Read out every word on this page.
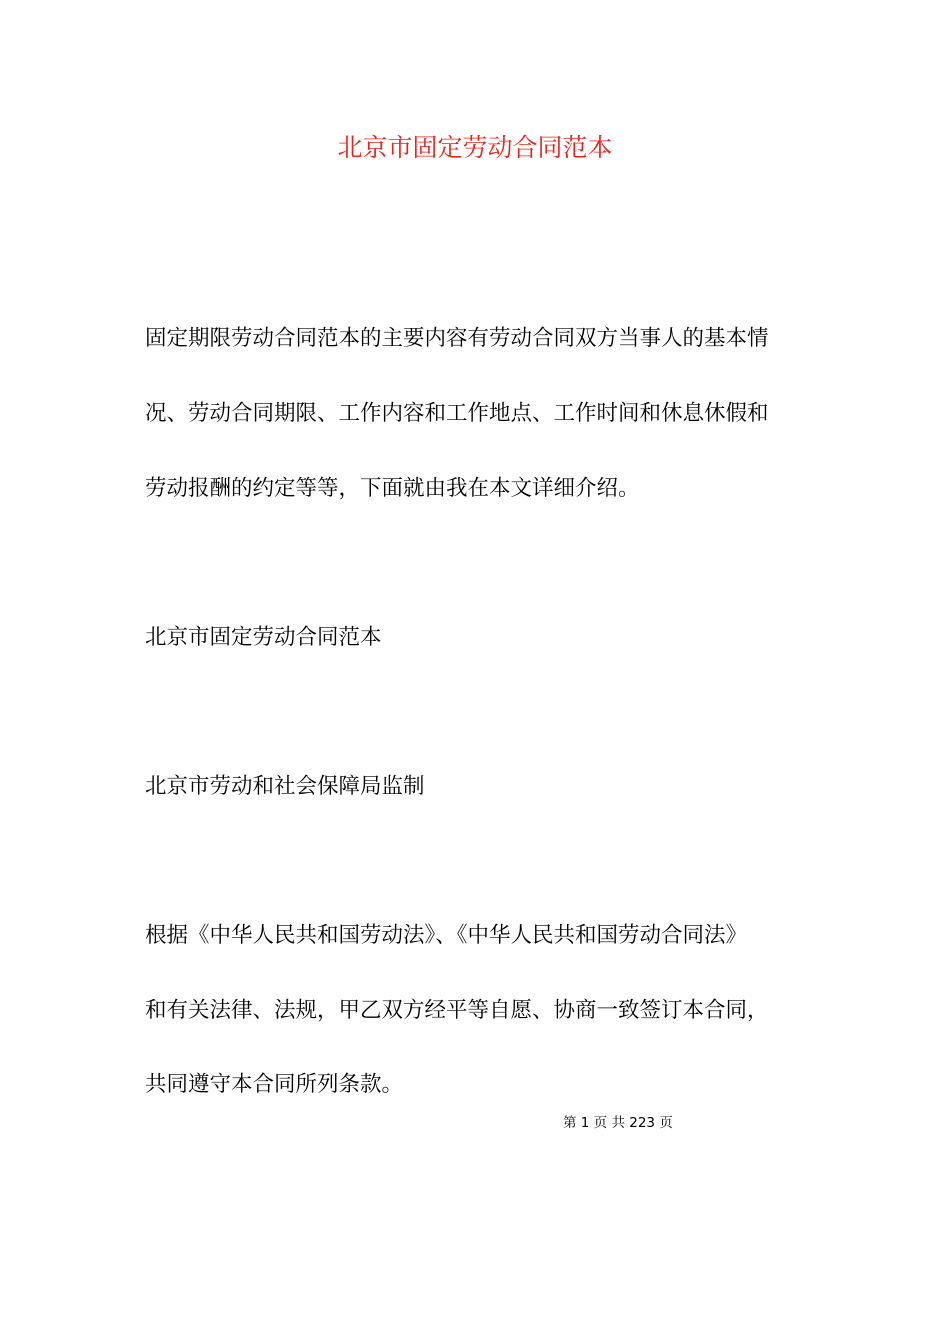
北京市固定劳动合同范本
固定期限劳动合同范本的主要内容有劳动合同双方当事人的基本情
况、劳动合同期限、工作内容和工作地点、工作时间和休息休假和
劳动报酬的约定等等，下面就由我在本文详细介绍。
北京市固定劳动合同范本
北京市劳动和社会保障局监制
根据《中华人民共和国劳动法》、《中华人民共和国劳动合同法》
和有关法律、法规，甲乙双方经平等自愿、协商一致签订本合同，
共同遵守本合同所列条款。
第 1 页 共 223 页
